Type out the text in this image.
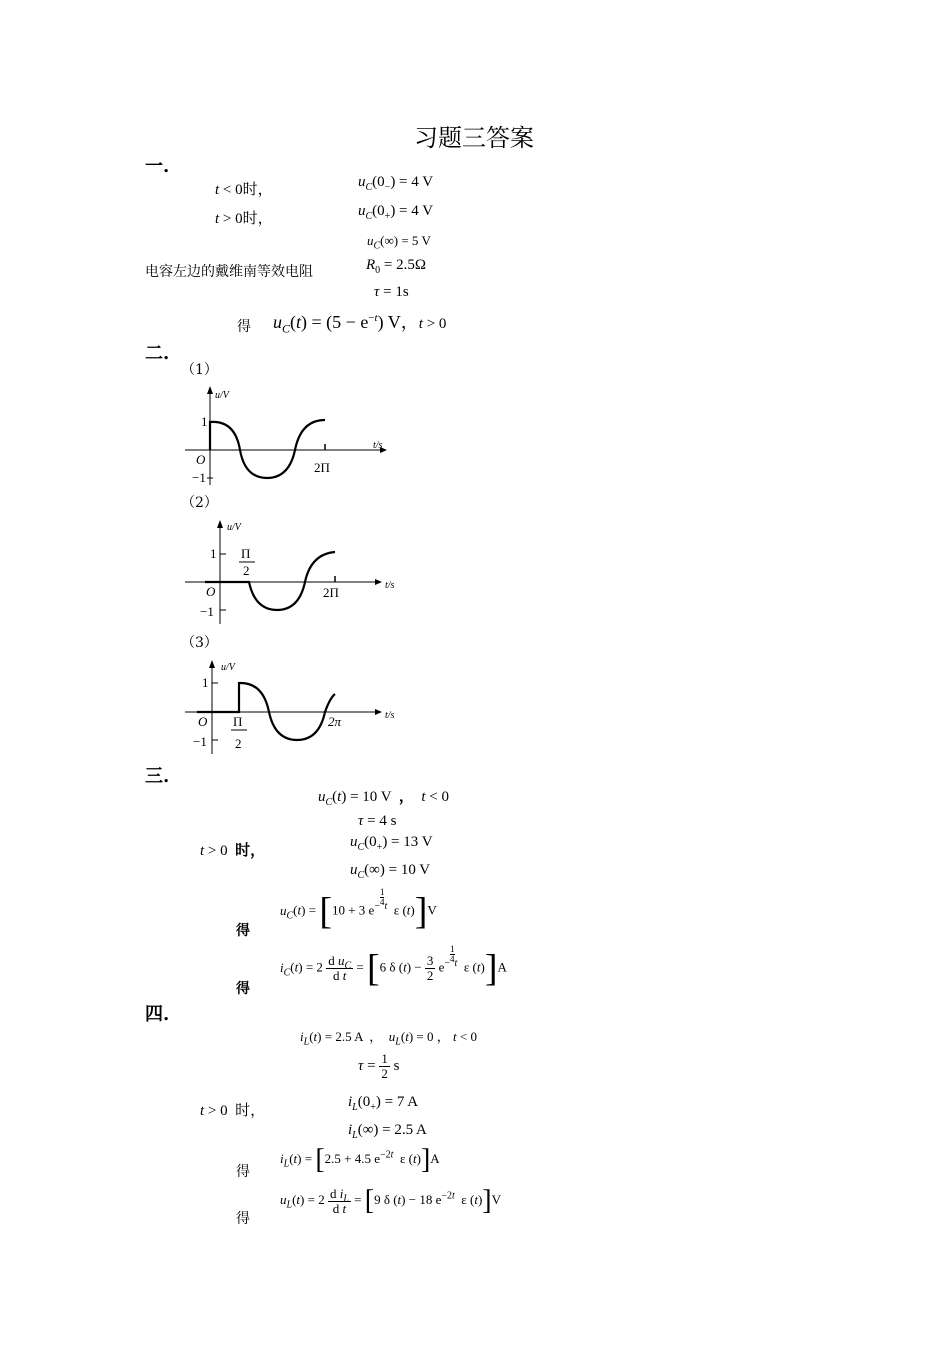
习题三答案
一.
t < 0时，	$u_C(0_-) = 4$ V
t > 0时，	$u_C(0_+) = 4$ V
$u_C(\infty) = 5$ V
电容左边的戴维南等效电阻	$R_0 = 2.5\Omega$
τ = 1s
得 $u_C(t) = (5 - e^{-t})$ V，t > 0
二.
（1）
u/V
t/s
1
O
−1
2Π
（2）
u/V
t/s
1 Π
2
O
−1
2Π
（3）
u/V
t/s
1
O Π
2
−1
2π
三.
$u_C(t) = 10$ V  ， t < 0
τ = 4 s
t > 0  时，
$u_C(0_+) = 13$ V
$u_C(\infty) = 10$ V
$u_C(t) = [10 + 3$ $e^{- \frac{1}{4}t}$  ε (t)]V
得
$i_C(t) = 2 \frac{d u_C}{\text{d t}} = [6$ δ $(t) - \frac{3}{2} e^{- \frac{1}{4}t}$  ε (t)]A
得
四.
$i_L(t) = 2.5$ A  ，  $u_L(t) = 0$ ， t < 0
$\tau = \frac{1}{2}$ s
t > 0  时，
$i_L(0_+) = 7$ A
$i_L(\infty) = 2.5$ A
$i_L(t) = [2.5 + 4.5$ $e^{-2t}$  ε (t)]A
得
$u_L(t) = 2 \frac{d i_L}{\text{d t}} = [9$ δ (t) − 18 $e^{-2t}$  ε (t)]V
得
